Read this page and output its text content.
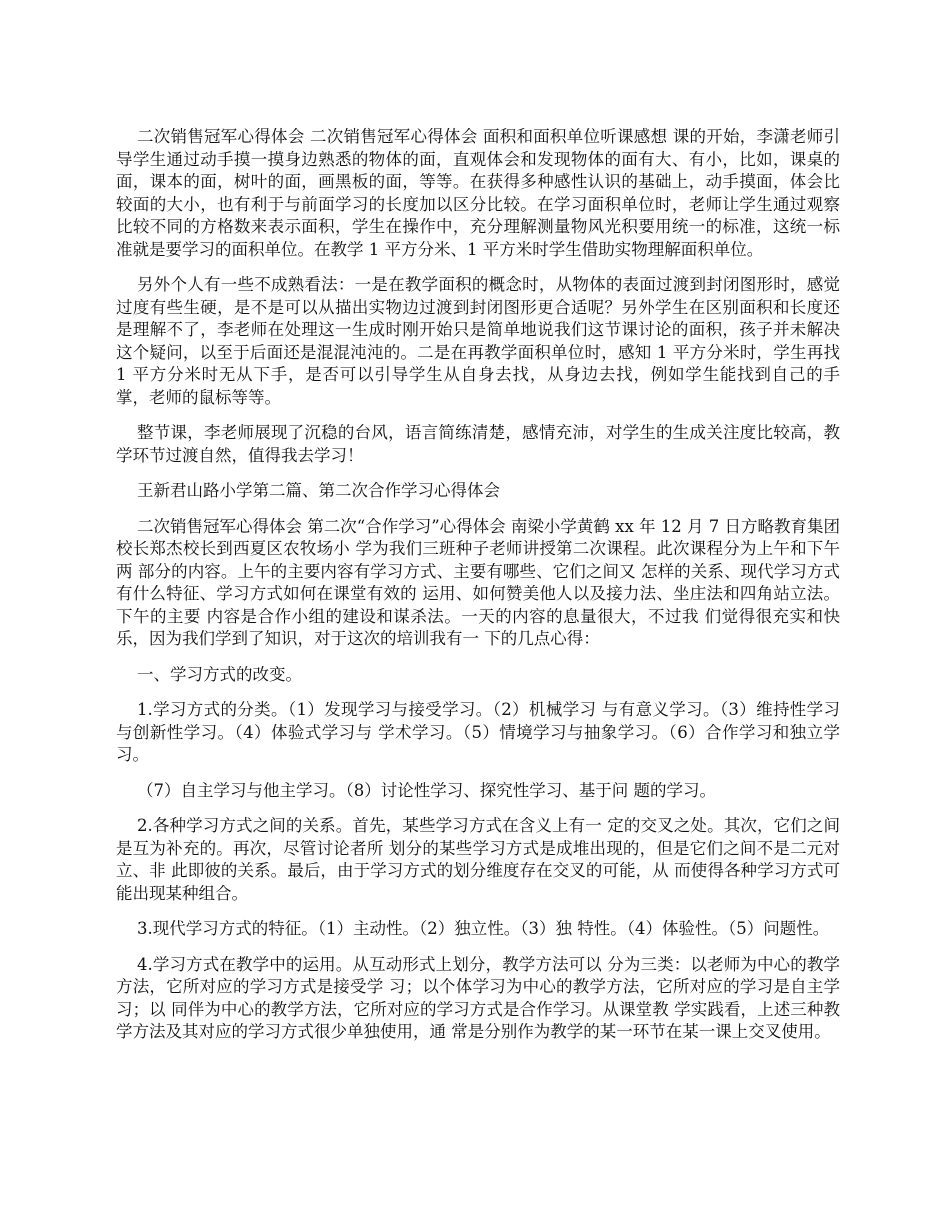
二次销售冠军心得体会 二次销售冠军心得体会 面积和面积单位听课感想 课的开始，李潇老师引导学生通过动手摸一摸身边熟悉的物体的面，直观体会和发现物体的面有大、有小，比如，课桌的面，课本的面，树叶的面，画黑板的面，等等。在获得多种感性认识的基础上，动手摸面，体会比较面的大小，也有利于与前面学习的长度加以区分比较。在学习面积单位时，老师让学生通过观察比较不同的方格数来表示面积，学生在操作中，充分理解测量物风光积要用统一的标准，这统一标准就是要学习的面积单位。在教学 1 平方分米、1 平方米时学生借助实物理解面积单位。

另外个人有一些不成熟看法：一是在教学面积的概念时，从物体的表面过渡到封闭图形时，感觉过度有些生硬，是不是可以从描出实物边过渡到封闭图形更合适呢？另外学生在区别面积和长度还是理解不了，李老师在处理这一生成时刚开始只是简单地说我们这节课讨论的面积，孩子并未解决这个疑问，以至于后面还是混混沌沌的。二是在再教学面积单位时，感知 1 平方分米时，学生再找 1 平方分米时无从下手，是否可以引导学生从自身去找，从身边去找，例如学生能找到自己的手掌，老师的鼠标等等。

整节课，李老师展现了沉稳的台风，语言简练清楚，感情充沛，对学生的生成关注度比较高，教学环节过渡自然，值得我去学习！

王新君山路小学第二篇、第二次合作学习心得体会

二次销售冠军心得体会 第二次“合作学习”心得体会 南梁小学黄鹤 xx 年 12 月 7 日方略教育集团校长郑杰校长到西夏区农牧场小 学为我们三班种子老师讲授第二次课程。此次课程分为上午和下午两 部分的内容。上午的主要内容有学习方式、主要有哪些、它们之间又 怎样的关系、现代学习方式有什么特征、学习方式如何在课堂有效的 运用、如何赞美他人以及接力法、坐庄法和四角站立法。下午的主要 内容是合作小组的建设和谋杀法。一天的内容的息量很大，不过我 们觉得很充实和快乐，因为我们学到了知识，对于这次的培训我有一 下的几点心得：

一、学习方式的改变。

1.学习方式的分类。（1）发现学习与接受学习。（2）机械学习 与有意义学习。（3）维持性学习与创新性学习。（4）体验式学习与 学术学习。（5）情境学习与抽象学习。（6）合作学习和独立学习。

（7）自主学习与他主学习。（8）讨论性学习、探究性学习、基于问 题的学习。

2.各种学习方式之间的关系。首先，某些学习方式在含义上有一 定的交叉之处。其次，它们之间是互为补充的。再次，尽管讨论者所 划分的某些学习方式是成堆出现的，但是它们之间不是二元对立、非 此即彼的关系。最后，由于学习方式的划分维度存在交叉的可能，从 而使得各种学习方式可能出现某种组合。

3.现代学习方式的特征。（1）主动性。（2）独立性。（3）独 特性。（4）体验性。（5）问题性。

4.学习方式在教学中的运用。从互动形式上划分，教学方法可以 分为三类：以老师为中心的教学方法，它所对应的学习方式是接受学 习；以个体学习为中心的教学方法，它所对应的学习是自主学习；以 同伴为中心的教学方法，它所对应的学习方式是合作学习。从课堂教 学实践看，上述三种教学方法及其对应的学习方式很少单独使用，通 常是分别作为教学的某一环节在某一课上交叉使用。
